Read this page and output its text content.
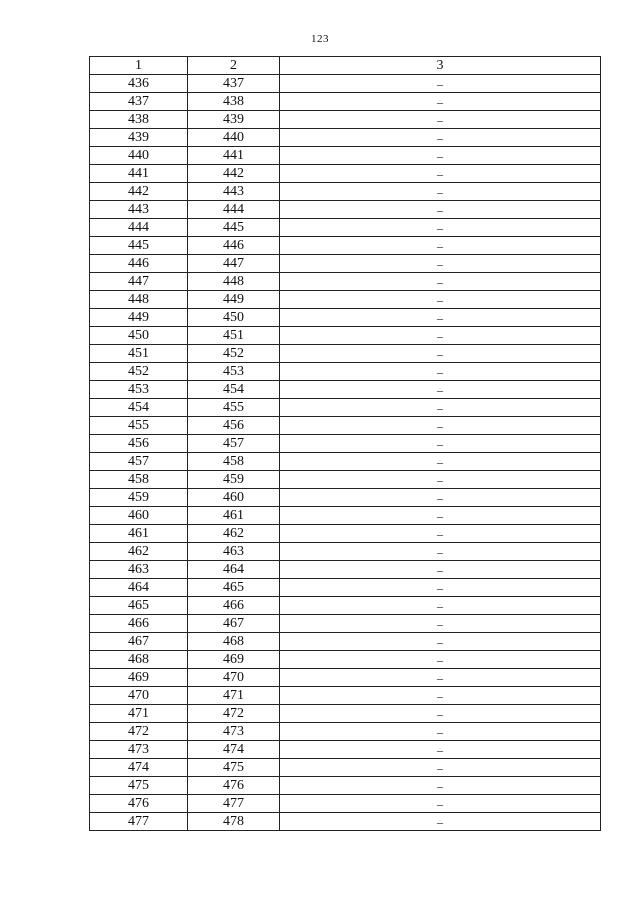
123
1	2	3
436	437	–
437	438	–
438	439	–
439	440	–
440	441	–
441	442	–
442	443	–
443	444	–
444	445	–
445	446	–
446	447	–
447	448	–
448	449	–
449	450	–
450	451	–
451	452	–
452	453	–
453	454	–
454	455	–
455	456	–
456	457	–
457	458	–
458	459	–
459	460	–
460	461	–
461	462	–
462	463	–
463	464	–
464	465	–
465	466	–
466	467	–
467	468	–
468	469	–
469	470	–
470	471	–
471	472	–
472	473	–
473	474	–
474	475	–
475	476	–
476	477	–
477	478	–
